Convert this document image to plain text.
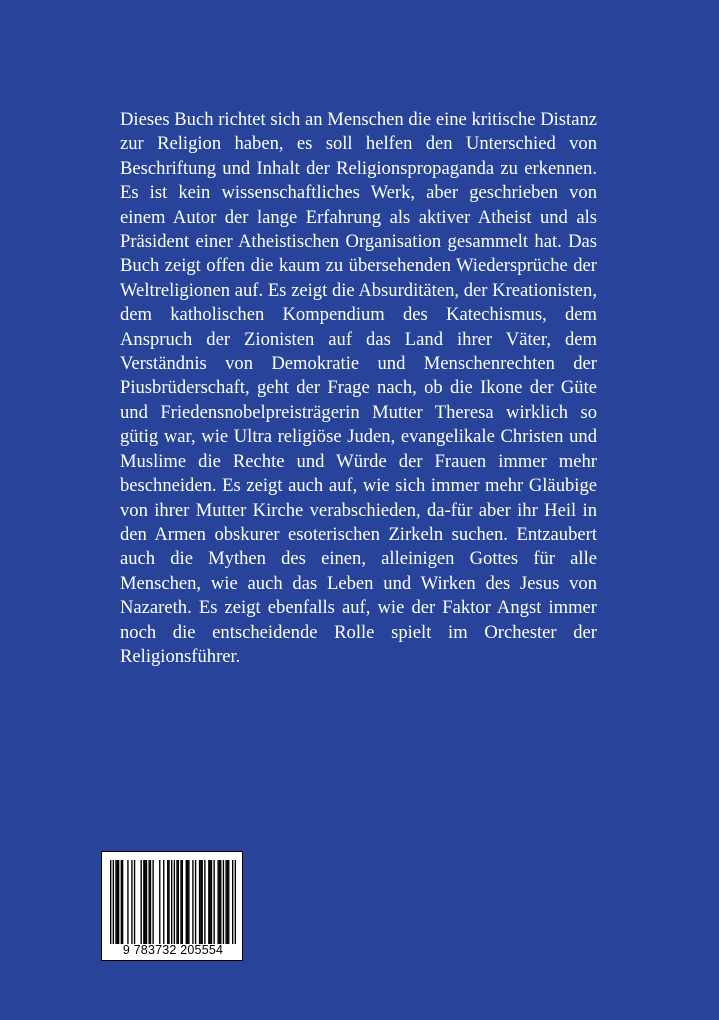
Dieses Buch richtet sich an Menschen die eine kritische Distanz zur Religion haben, es soll helfen den Unterschied von Beschriftung und Inhalt der Religionspropaganda zu erkennen. Es ist kein wissenschaftliches Werk, aber geschrieben von einem Autor der lange Erfahrung als aktiver Atheist und als Präsident einer Atheistischen Organisation gesammelt hat. Das Buch zeigt offen die kaum zu übersehenden Wiedersprüche der Weltreligionen auf. Es zeigt die Absurditäten, der Kreationisten, dem katholischen Kompendium des Katechismus, dem Anspruch der Zionisten auf das Land ihrer Väter, dem Verständnis von Demokratie und Menschenrechten der Piusbrüderschaft, geht der Frage nach, ob die Ikone der Güte und Friedensnobelpreisträgerin Mutter Theresa wirklich so gütig war, wie Ultra religiöse Juden, evangelikale Christen und Muslime die Rechte und Würde der Frauen immer mehr beschneiden. Es zeigt auch auf, wie sich immer mehr Gläubige von ihrer Mutter Kirche verabschieden, da-für aber ihr Heil in den Armen obskurer esoterischen Zirkeln suchen. Entzaubert auch die Mythen des einen, alleinigen Gottes für alle Menschen, wie auch das Leben und Wirken des Jesus von Nazareth. Es zeigt ebenfalls auf, wie der Faktor Angst immer noch die entscheidende Rolle spielt im Orchester der Religionsführer.

9 783732 205554
